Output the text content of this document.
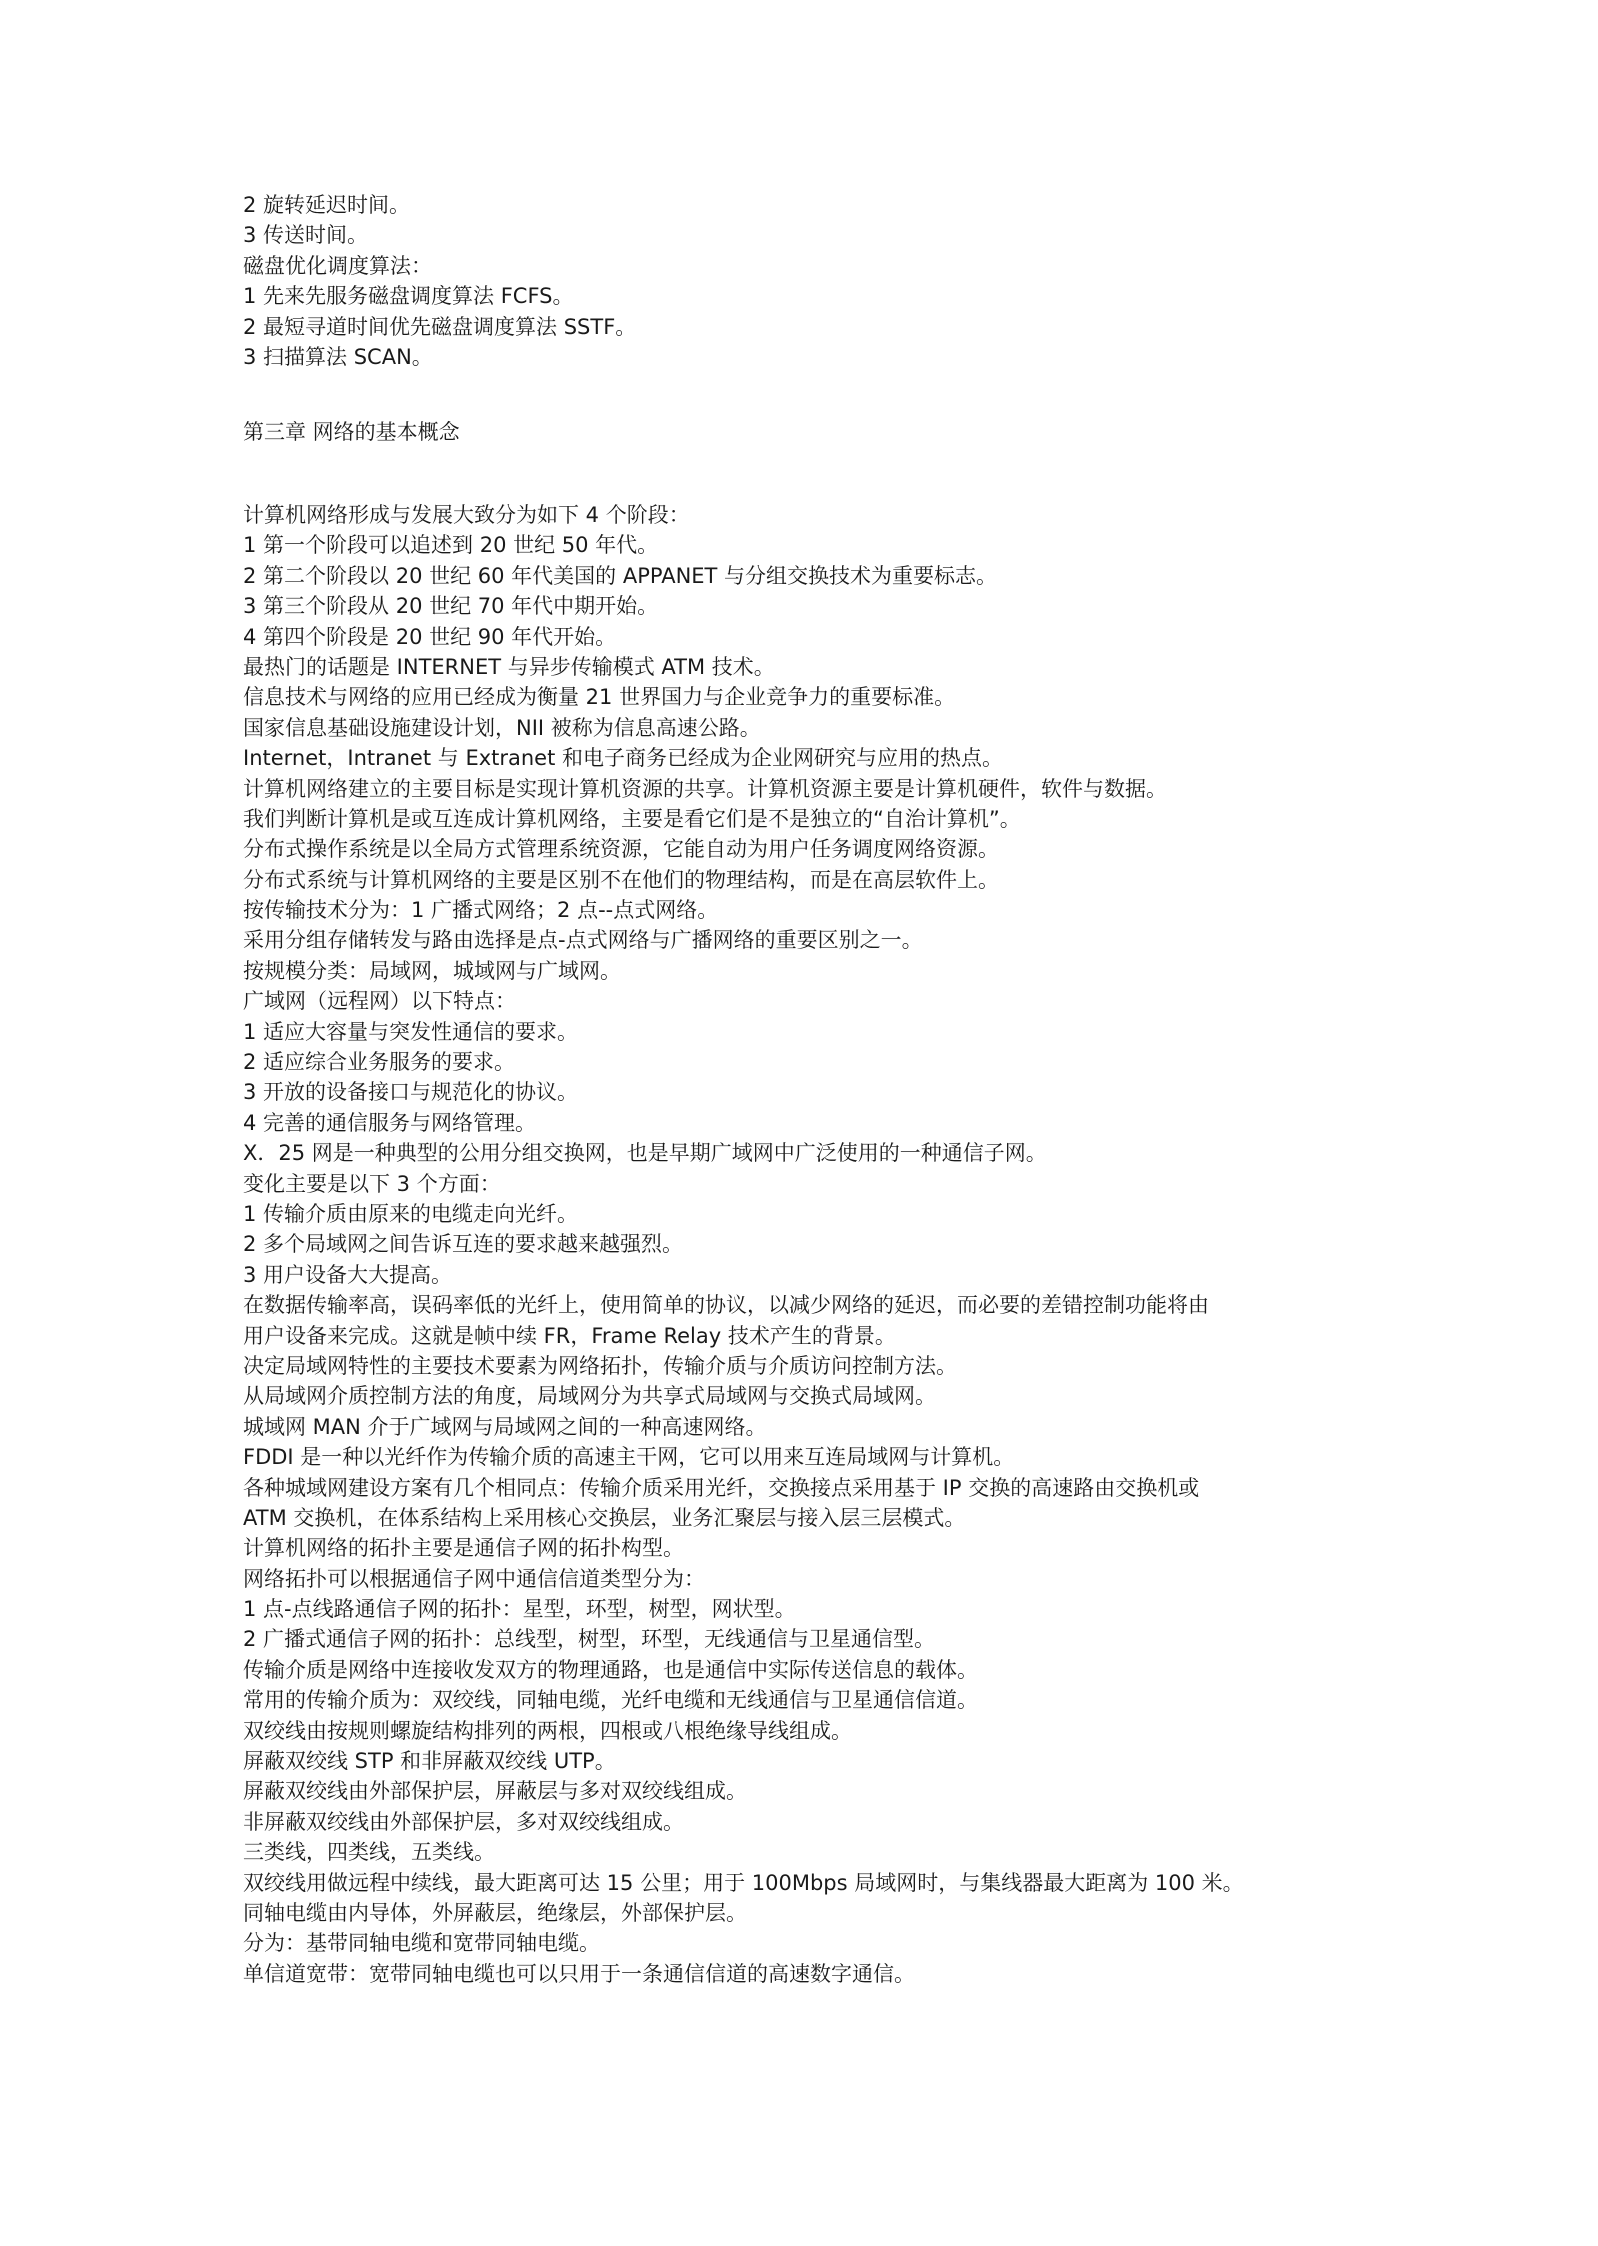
2 旋转延迟时间。

3 传送时间。

磁盘优化调度算法：

1 先来先服务磁盘调度算法 FCFS。

2 最短寻道时间优先磁盘调度算法 SSTF。

3 扫描算法 SCAN。

第三章 网络的基本概念

计算机网络形成与发展大致分为如下 4 个阶段：

1 第一个阶段可以追述到 20 世纪 50 年代。

2 第二个阶段以 20 世纪 60 年代美国的 APPANET 与分组交换技术为重要标志。

3 第三个阶段从 20 世纪 70 年代中期开始。

4 第四个阶段是 20 世纪 90 年代开始。

最热门的话题是 INTERNET 与异步传输模式 ATM 技术。

信息技术与网络的应用已经成为衡量 21 世界国力与企业竞争力的重要标准。

国家信息基础设施建设计划，NII 被称为信息高速公路。

Internet，Intranet 与 Extranet 和电子商务已经成为企业网研究与应用的热点。

计算机网络建立的主要目标是实现计算机资源的共享。计算机资源主要是计算机硬件，软件与数据。

我们判断计算机是或互连成计算机网络，主要是看它们是不是独立的“自治计算机”。

分布式操作系统是以全局方式管理系统资源，它能自动为用户任务调度网络资源。

分布式系统与计算机网络的主要是区别不在他们的物理结构，而是在高层软件上。

按传输技术分为：1 广播式网络；2 点--点式网络。

采用分组存储转发与路由选择是点-点式网络与广播网络的重要区别之一。

按规模分类：局域网，城域网与广域网。

广域网（远程网）以下特点：

1 适应大容量与突发性通信的要求。

2 适应综合业务服务的要求。

3 开放的设备接口与规范化的协议。

4 完善的通信服务与网络管理。

X．25 网是一种典型的公用分组交换网，也是早期广域网中广泛使用的一种通信子网。

变化主要是以下 3 个方面：

1 传输介质由原来的电缆走向光纤。

2 多个局域网之间告诉互连的要求越来越强烈。

3 用户设备大大提高。

在数据传输率高，误码率低的光纤上，使用简单的协议，以减少网络的延迟，而必要的差错控制功能将由

用户设备来完成。这就是帧中续 FR，Frame Relay 技术产生的背景。

决定局域网特性的主要技术要素为网络拓扑，传输介质与介质访问控制方法。

从局域网介质控制方法的角度，局域网分为共享式局域网与交换式局域网。

城域网 MAN 介于广域网与局域网之间的一种高速网络。

FDDI 是一种以光纤作为传输介质的高速主干网，它可以用来互连局域网与计算机。

各种城域网建设方案有几个相同点：传输介质采用光纤，交换接点采用基于 IP 交换的高速路由交换机或

ATM 交换机，在体系结构上采用核心交换层，业务汇聚层与接入层三层模式。

计算机网络的拓扑主要是通信子网的拓扑构型。

网络拓扑可以根据通信子网中通信信道类型分为：

1 点-点线路通信子网的拓扑：星型，环型，树型，网状型。

2 广播式通信子网的拓扑：总线型，树型，环型，无线通信与卫星通信型。

传输介质是网络中连接收发双方的物理通路，也是通信中实际传送信息的载体。

常用的传输介质为：双绞线，同轴电缆，光纤电缆和无线通信与卫星通信信道。

双绞线由按规则螺旋结构排列的两根，四根或八根绝缘导线组成。

屏蔽双绞线 STP 和非屏蔽双绞线 UTP。

屏蔽双绞线由外部保护层，屏蔽层与多对双绞线组成。

非屏蔽双绞线由外部保护层，多对双绞线组成。

三类线，四类线，五类线。

双绞线用做远程中续线，最大距离可达 15 公里；用于 100Mbps 局域网时，与集线器最大距离为 100 米。

同轴电缆由内导体，外屏蔽层，绝缘层，外部保护层。

分为：基带同轴电缆和宽带同轴电缆。

单信道宽带：宽带同轴电缆也可以只用于一条通信信道的高速数字通信。
